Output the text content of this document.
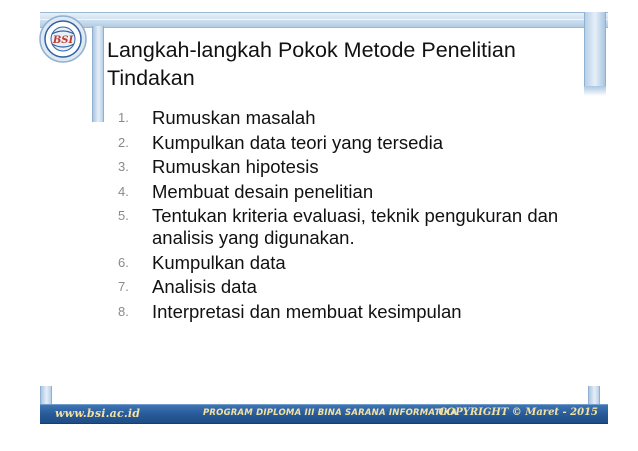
BSI Langkah-langkah Pokok Metode Penelitian Tindakan
1.	Rumuskan masalah
2.	Kumpulkan data teori yang tersedia
3.	Rumuskan hipotesis
4.	Membuat desain penelitian
5.	Tentukan kriteria evaluasi, teknik pengukuran dan analisis yang digunakan.
6.	Kumpulkan data
7.	Analisis data
8.	Interpretasi dan membuat kesimpulan
www.bsi.ac.id	PROGRAM DIPLOMA III BINA SARANA INFORMATIKA
COPYRIGHT © Maret - 2015
